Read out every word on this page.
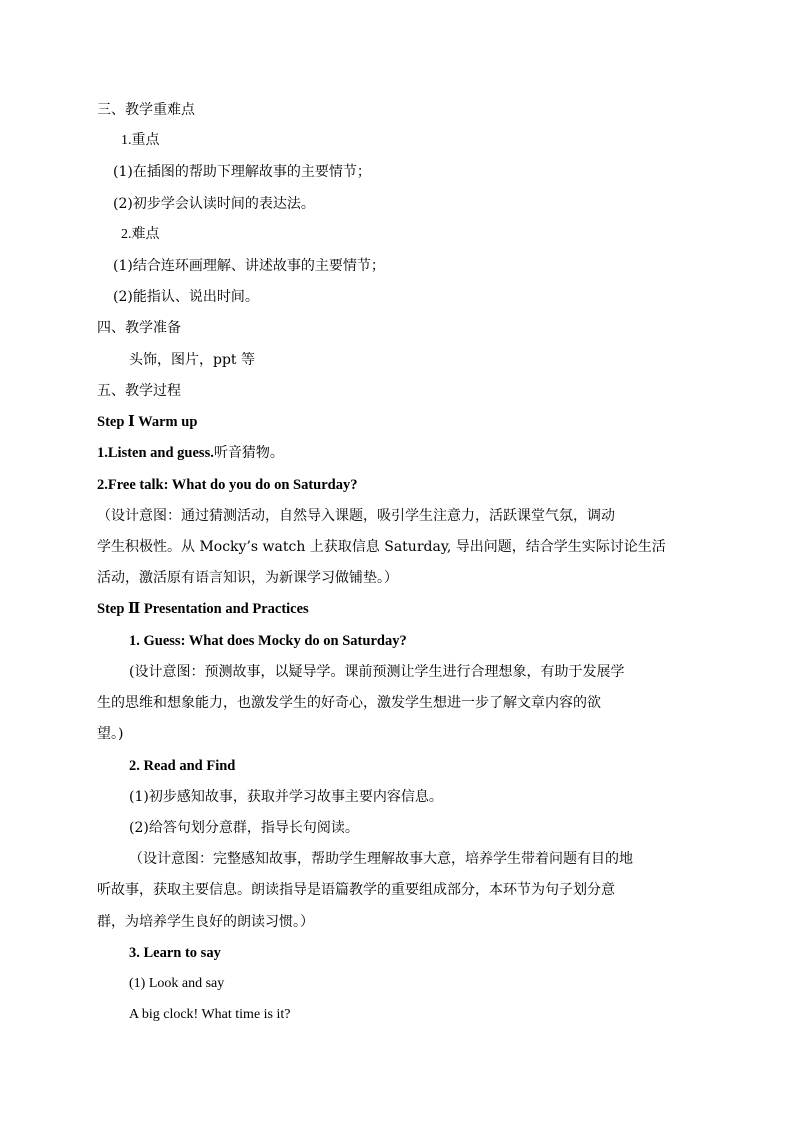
三、教学重难点
1.重点
(1)在插图的帮助下理解故事的主要情节；
(2)初步学会认读时间的表达法。
2.难点
(1)结合连环画理解、讲述故事的主要情节；
(2)能指认、说出时间。
四、教学准备
头饰，图片，ppt 等
五、教学过程
Step Ⅰ Warm up
1.Listen and guess.听音猜物。
2.Free talk: What do you do on Saturday?
（设计意图：通过猜测活动，自然导入课题，吸引学生注意力，活跃课堂气氛，调动
学生积极性。从 Mocky’s watch 上获取信息 Saturday, 导出问题，结合学生实际讨论生活
活动，激活原有语言知识，为新课学习做铺垫。）
Step Ⅱ Presentation and Practices
1. Guess: What does Mocky do on Saturday?
(设计意图：预测故事，以疑导学。课前预测让学生进行合理想象，有助于发展学
生的思维和想象能力，也激发学生的好奇心，激发学生想进一步了解文章内容的欲
望。)
2. Read and Find
(1)初步感知故事，获取并学习故事主要内容信息。
(2)给答句划分意群，指导长句阅读。
（设计意图：完整感知故事，帮助学生理解故事大意，培养学生带着问题有目的地
听故事，获取主要信息。朗读指导是语篇教学的重要组成部分，本环节为句子划分意
群，为培养学生良好的朗读习惯。）
3. Learn to say
(1) Look and say
A big clock! What time is it?
